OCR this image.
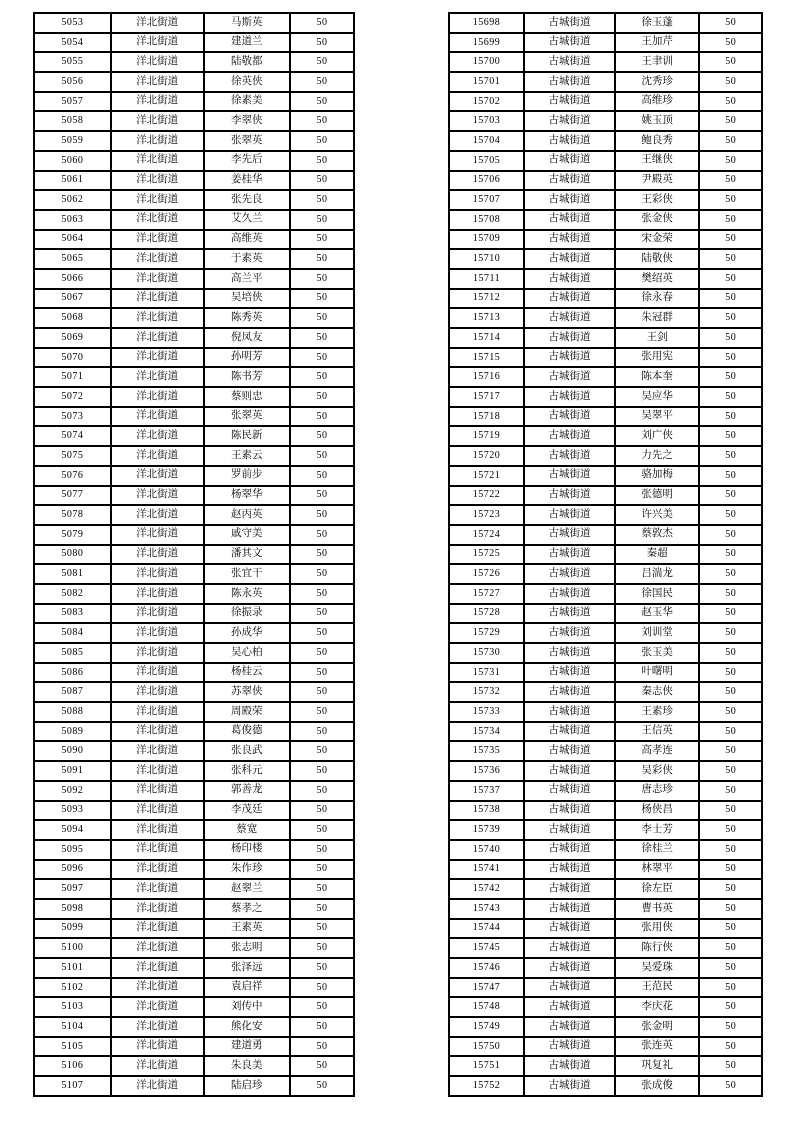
5053	洋北街道	马斯英	50
5054	洋北街道	建道兰	50
5055	洋北街道	陆敬都	50
5056	洋北街道	徐英侠	50
5057	洋北街道	徐素美	50
5058	洋北街道	李翠侠	50
5059	洋北街道	张翠英	50
5060	洋北街道	李先后	50
5061	洋北街道	姜桂华	50
5062	洋北街道	张先良	50
5063	洋北街道	艾久兰	50
5064	洋北街道	高维英	50
5065	洋北街道	于素英	50
5066	洋北街道	高兰平	50
5067	洋北街道	吴培侠	50
5068	洋北街道	陈秀英	50
5069	洋北街道	倪凤友	50
5070	洋北街道	孙明芳	50
5071	洋北街道	陈书芳	50
5072	洋北街道	蔡则忠	50
5073	洋北街道	张翠英	50
5074	洋北街道	陈民新	50
5075	洋北街道	王素云	50
5076	洋北街道	罗前步	50
5077	洋北街道	杨翠华	50
5078	洋北街道	赵丙英	50
5079	洋北街道	戚守美	50
5080	洋北街道	潘其文	50
5081	洋北街道	张宜干	50
5082	洋北街道	陈永英	50
5083	洋北街道	徐振录	50
5084	洋北街道	孙成华	50
5085	洋北街道	吴心柏	50
5086	洋北街道	杨桂云	50
5087	洋北街道	苏翠侠	50
5088	洋北街道	周殿荣	50
5089	洋北街道	葛俊德	50
5090	洋北街道	张良武	50
5091	洋北街道	张科元	50
5092	洋北街道	郭善龙	50
5093	洋北街道	李茂廷	50
5094	洋北街道	蔡宽	50
5095	洋北街道	杨印楼	50
5096	洋北街道	朱作珍	50
5097	洋北街道	赵翠兰	50
5098	洋北街道	蔡孝之	50
5099	洋北街道	王素英	50
5100	洋北街道	张志明	50
5101	洋北街道	张泽远	50
5102	洋北街道	袁启祥	50
5103	洋北街道	刘传中	50
5104	洋北街道	熊化安	50
5105	洋北街道	建道勇	50
5106	洋北街道	朱良美	50
5107	洋北街道	陆启珍	50
15698	古城街道	徐玉蓬	50
15699	古城街道	王加芹	50
15700	古城街道	王聿训	50
15701	古城街道	沈秀珍	50
15702	古城街道	高维珍	50
15703	古城街道	姚玉顶	50
15704	古城街道	鲍良秀	50
15705	古城街道	王继侠	50
15706	古城街道	尹殿英	50
15707	古城街道	王彩侠	50
15708	古城街道	张金侠	50
15709	古城街道	宋金荣	50
15710	古城街道	陆敬侠	50
15711	古城街道	樊绍英	50
15712	古城街道	徐永春	50
15713	古城街道	朱冠群	50
15714	古城街道	王剑	50
15715	古城街道	张用宪	50
15716	古城街道	陈本奎	50
15717	古城街道	吴应华	50
15718	古城街道	吴翠平	50
15719	古城街道	刘广侠	50
15720	古城街道	力先之	50
15721	古城街道	骆加梅	50
15722	古城街道	张德明	50
15723	古城街道	许兴美	50
15724	古城街道	蔡敦杰	50
15725	古城街道	秦超	50
15726	古城街道	吕湍龙	50
15727	古城街道	徐国民	50
15728	古城街道	赵玉华	50
15729	古城街道	刘训堂	50
15730	古城街道	张玉美	50
15731	古城街道	叶曙明	50
15732	古城街道	秦志侠	50
15733	古城街道	王素珍	50
15734	古城街道	王信英	50
15735	古城街道	高孝连	50
15736	古城街道	吴彩侠	50
15737	古城街道	唐志珍	50
15738	古城街道	杨侠昌	50
15739	古城街道	李士芳	50
15740	古城街道	徐桂兰	50
15741	古城街道	林翠平	50
15742	古城街道	徐左臣	50
15743	古城街道	曹书英	50
15744	古城街道	张用侠	50
15745	古城街道	陈行侠	50
15746	古城街道	吴爱珠	50
15747	古城街道	王范民	50
15748	古城街道	李庆花	50
15749	古城街道	张金明	50
15750	古城街道	张连英	50
15751	古城街道	巩复礼	50
15752	古城街道	张成俊	50
